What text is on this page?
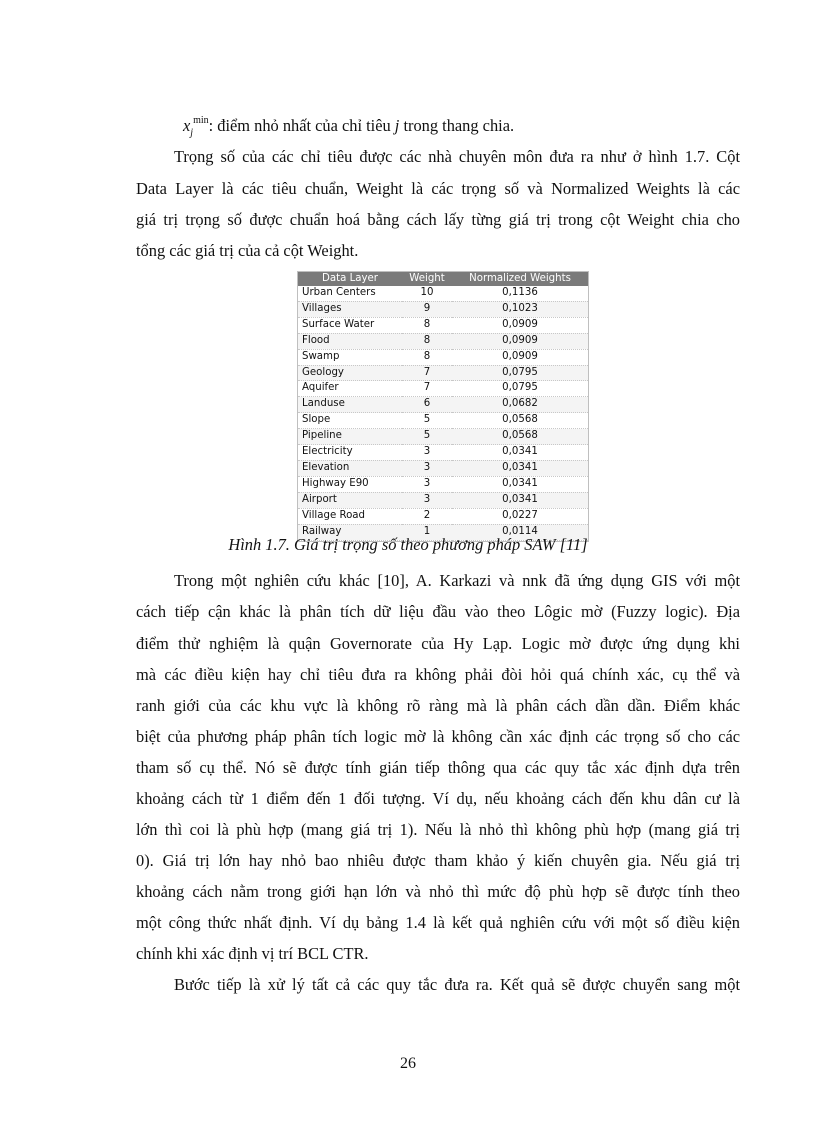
$x_j^{min}$: điểm nhỏ nhất của chỉ tiêu j trong thang chia.
Trọng số của các chỉ tiêu được các nhà chuyên môn đưa ra như ở hình 1.7. Cột
Data Layer là các tiêu chuẩn, Weight là các trọng số và Normalized Weights là các
giá trị trọng số được chuẩn hoá bằng cách lấy từng giá trị trong cột Weight chia cho
tổng các giá trị của cả cột Weight.
Data Layer	Weight	Normalized Weights
Urban Centers	10	0,1136
Villages	9	0,1023
Surface Water	8	0,0909
Flood	8	0,0909
Swamp	8	0,0909
Geology	7	0,0795
Aquifer	7	0,0795
Landuse	6	0,0682
Slope	5	0,0568
Pipeline	5	0,0568
Electricity	3	0,0341
Elevation	3	0,0341
Highway E90	3	0,0341
Airport	3	0,0341
Village Road	2	0,0227
Railway	1	0,0114
Hình 1.7. Giá trị trọng số theo phương pháp SAW [11]
Trong một nghiên cứu khác [10], A. Karkazi và nnk đã ứng dụng GIS với một
cách tiếp cận khác là phân tích dữ liệu đầu vào theo Lôgic mờ (Fuzzy logic). Địa
điểm thử nghiệm là quận Governorate của Hy Lạp. Logic mờ được ứng dụng khi
mà các điều kiện hay chỉ tiêu đưa ra không phải đòi hỏi quá chính xác, cụ thể và
ranh giới của các khu vực là không rõ ràng mà là phân cách dần dần. Điểm khác
biệt của phương pháp phân tích logic mờ là không cần xác định các trọng số cho các
tham số cụ thể. Nó sẽ được tính gián tiếp thông qua các quy tắc xác định dựa trên
khoảng cách từ 1 điểm đến 1 đối tượng. Ví dụ, nếu khoảng cách đến khu dân cư là
lớn thì coi là phù hợp (mang giá trị 1). Nếu là nhỏ thì không phù hợp (mang giá trị
0). Giá trị lớn hay nhỏ bao nhiêu được tham khảo ý kiến chuyên gia. Nếu giá trị
khoảng cách nằm trong giới hạn lớn và nhỏ thì mức độ phù hợp sẽ được tính theo
một công thức nhất định. Ví dụ bảng 1.4 là kết quả nghiên cứu với một số điều kiện
chính khi xác định vị trí BCL CTR.
Bước tiếp là xử lý tất cả các quy tắc đưa ra. Kết quả sẽ được chuyển sang một
26
